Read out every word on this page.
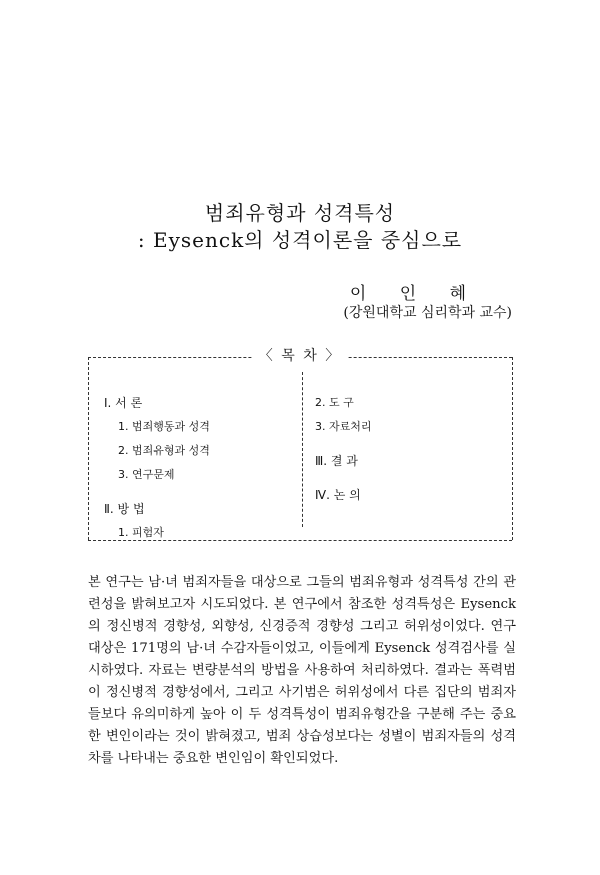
범죄유형과 성격특성
: Eysenck의 성격이론을 중심으로
이 인 혜
(강원대학교 심리학과 교수)
〈 목 차 〉
Ⅰ. 서 론
1. 범죄행동과 성격
2. 범죄유형과 성격
3. 연구문제
Ⅱ. 방 법
1. 피험자
2. 도 구
3. 자료처리
Ⅲ. 결 과
Ⅳ. 논 의
본 연구는 남·녀 범죄자들을 대상으로 그들의 범죄유형과 성격특성 간의 관련성을 밝혀보고자 시도되었다. 본 연구에서 참조한 성격특성은 Eysenck의 정신병적 경향성, 외향성, 신경증적 경향성 그리고 허위성이었다. 연구대상은 171명의 남·녀 수감자들이었고, 이들에게 Eysenck 성격검사를 실시하였다. 자료는 변량분석의 방법을 사용하여 처리하였다. 결과는 폭력범이 정신병적 경향성에서, 그리고 사기범은 허위성에서 다른 집단의 범죄자들보다 유의미하게 높아 이 두 성격특성이 범죄유형간을 구분해 주는 중요한 변인이라는 것이 밝혀졌고, 범죄 상습성보다는 성별이 범죄자들의 성격차를 나타내는 중요한 변인임이 확인되었다.
